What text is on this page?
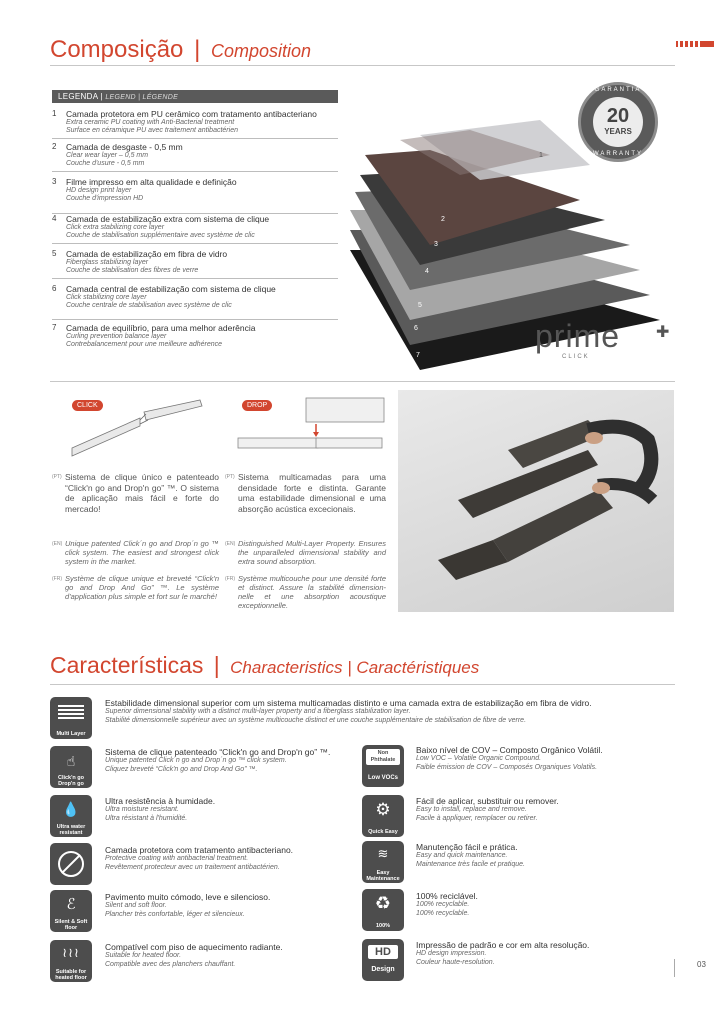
Composição | Composition
LEGENDA | LEGEND | LÉGENDE
1 Camada protetora em PU cerâmico com tratamento antibacteriano
Extra ceramic PU coating with Anti-Bacterial treatment
Surface en céramique PU avec traitement antibactérien
2 Camada de desgaste - 0,5 mm
Clear wear layer – 0,5 mm
Couche d'usure - 0,5 mm
3 Filme impresso em alta qualidade e definição
HD design print layer
Couche d'impression HD
4 Camada de estabilização extra com sistema de clique
Click extra stabilizing core layer
Couche de stabilisation supplémentaire avec système de clic
5 Camada de estabilização em fibra de vidro
Fiberglass stabilizing layer
Couche de stabilisation des fibres de verre
6 Camada central de estabilização com sistema de clique
Click stabilizing core layer
Couche centrale de stabilisation avec système de clic
7 Camada de equilíbrio, para uma melhor aderência
Curling prevention balance layer
Contrebalancement pour une meilleure adhérence
1
2
3
4
5
6
7
20
YEARS
GARANTIA
WARRANTY
prime
CLICK
✚
CLICK	DROP
(PT) Sistema de clique único e patenteado “Click'n go and Drop'n go” ™. O sistema de aplicação mais fácil e forte do mercado!
(PT) Sistema multicamadas para uma densidade forte e distinta. Garante uma estabilidade dimensional e uma absorção acústica excecionais.
(EN) Unique patented Click´n go and Drop´n go ™ click system. The easiest and strongest click system in the market.
(EN) Distinguished Multi-Layer Property. Ensures the unparalleled dimensional stability and extra sound absorption.
(FR) Système de clique unique et breveté “Click'n go and Drop And Go” ™. Le système d'application plus simple et fort sur le marché!
(FR) Système multicouche pour une densité forte et distinct. Assure la stabilité dimension-nelle et une absorption acoustique exceptionnelle.
Características | Characteristics | Caractéristiques
Multi Layer
Estabilidade dimensional superior com um sistema multicamadas distinto e uma camada extra de estabilização em fibra de vidro.
Superior dimensional stability with a distinct multi-layer property and a fiberglass stabilization layer.
Stabilité dimensionnelle supérieur avec un système multicouche distinct et une couche supplémentaire de stabilisation de fibre de verre.
☝
Click'n go Drop'n go
Sistema de clique patenteado “Click'n go and Drop'n go” ™.
Unique patented Click´n go and Drop´n go ™ click system.
Cliquez breveté “Click'n go and Drop And Go” ™.
💧
Ultra water resistant
Ultra resistência à humidade.
Ultra moisture resistant.
Ultra résistant à l'humidité.
Camada protetora com tratamento antibacteriano.
Protective coating with antibacterial treatment.
Revêtement protecteur avec un traitement antibactérien.
ℰ
Silent & Soft floor
Pavimento muito cómodo, leve e silencioso.
Silent and soft floor.
Plancher très confortable, léger et silencieux.
≀≀≀
Suitable for heated floor
Compatível com piso de aquecimento radiante.
Suitable for heated floor.
Compatible avec des planchers chauffant.
Non Phthalate
Low VOCs
Baixo nível de COV – Composto Orgânico Volátil.
Low VOC – Volatile Organic Compound.
Faible émission de COV – Composés Organiques Volatils.
⚙
Quick Easy
Fácil de aplicar, substituir ou remover.
Easy to install, replace and remove.
Facile à appliquer, remplacer ou retirer.
≋
Easy Maintenance
Manutenção fácil e prática.
Easy and quick maintenance.
Maintenance très facile et pratique.
♻
100%
100% reciclável.
100% recyclable.
100% recyclable.
HD
Design
Impressão de padrão e cor em alta resolução.
HD design impression.
Couleur haute-resolution.	03
